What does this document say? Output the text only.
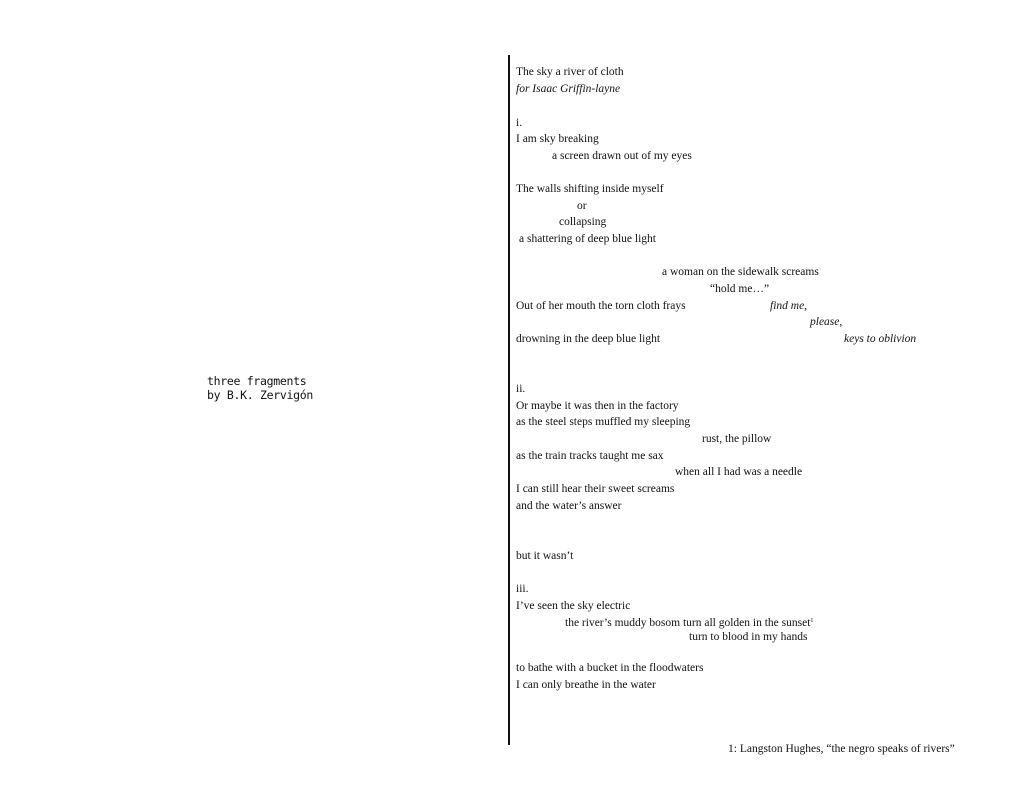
three fragments
by B.K. Zervigón
The sky a river of cloth
for Isaac Griffin-layne
i.
I am sky breaking
a screen drawn out of my eyes
The walls shifting inside myself
or
collapsing
a shattering of deep blue light
a woman on the sidewalk screams
“hold me…”
Out of her mouth the torn cloth frays	find me,
please,
drowning in the deep blue light	keys to oblivion
ii.
Or maybe it was then in the factory
as the steel steps muffled my sleeping
rust, the pillow
as the train tracks taught me sax
when all I had was a needle
I can still hear their sweet screams
and the water’s answer
but it wasn’t
iii.
I’ve seen the sky electric
the river’s muddy bosom turn all golden in the sunset$^1$
turn to blood in my hands
to bathe with a bucket in the floodwaters
I can only breathe in the water
1: Langston Hughes, “the negro speaks of rivers”
